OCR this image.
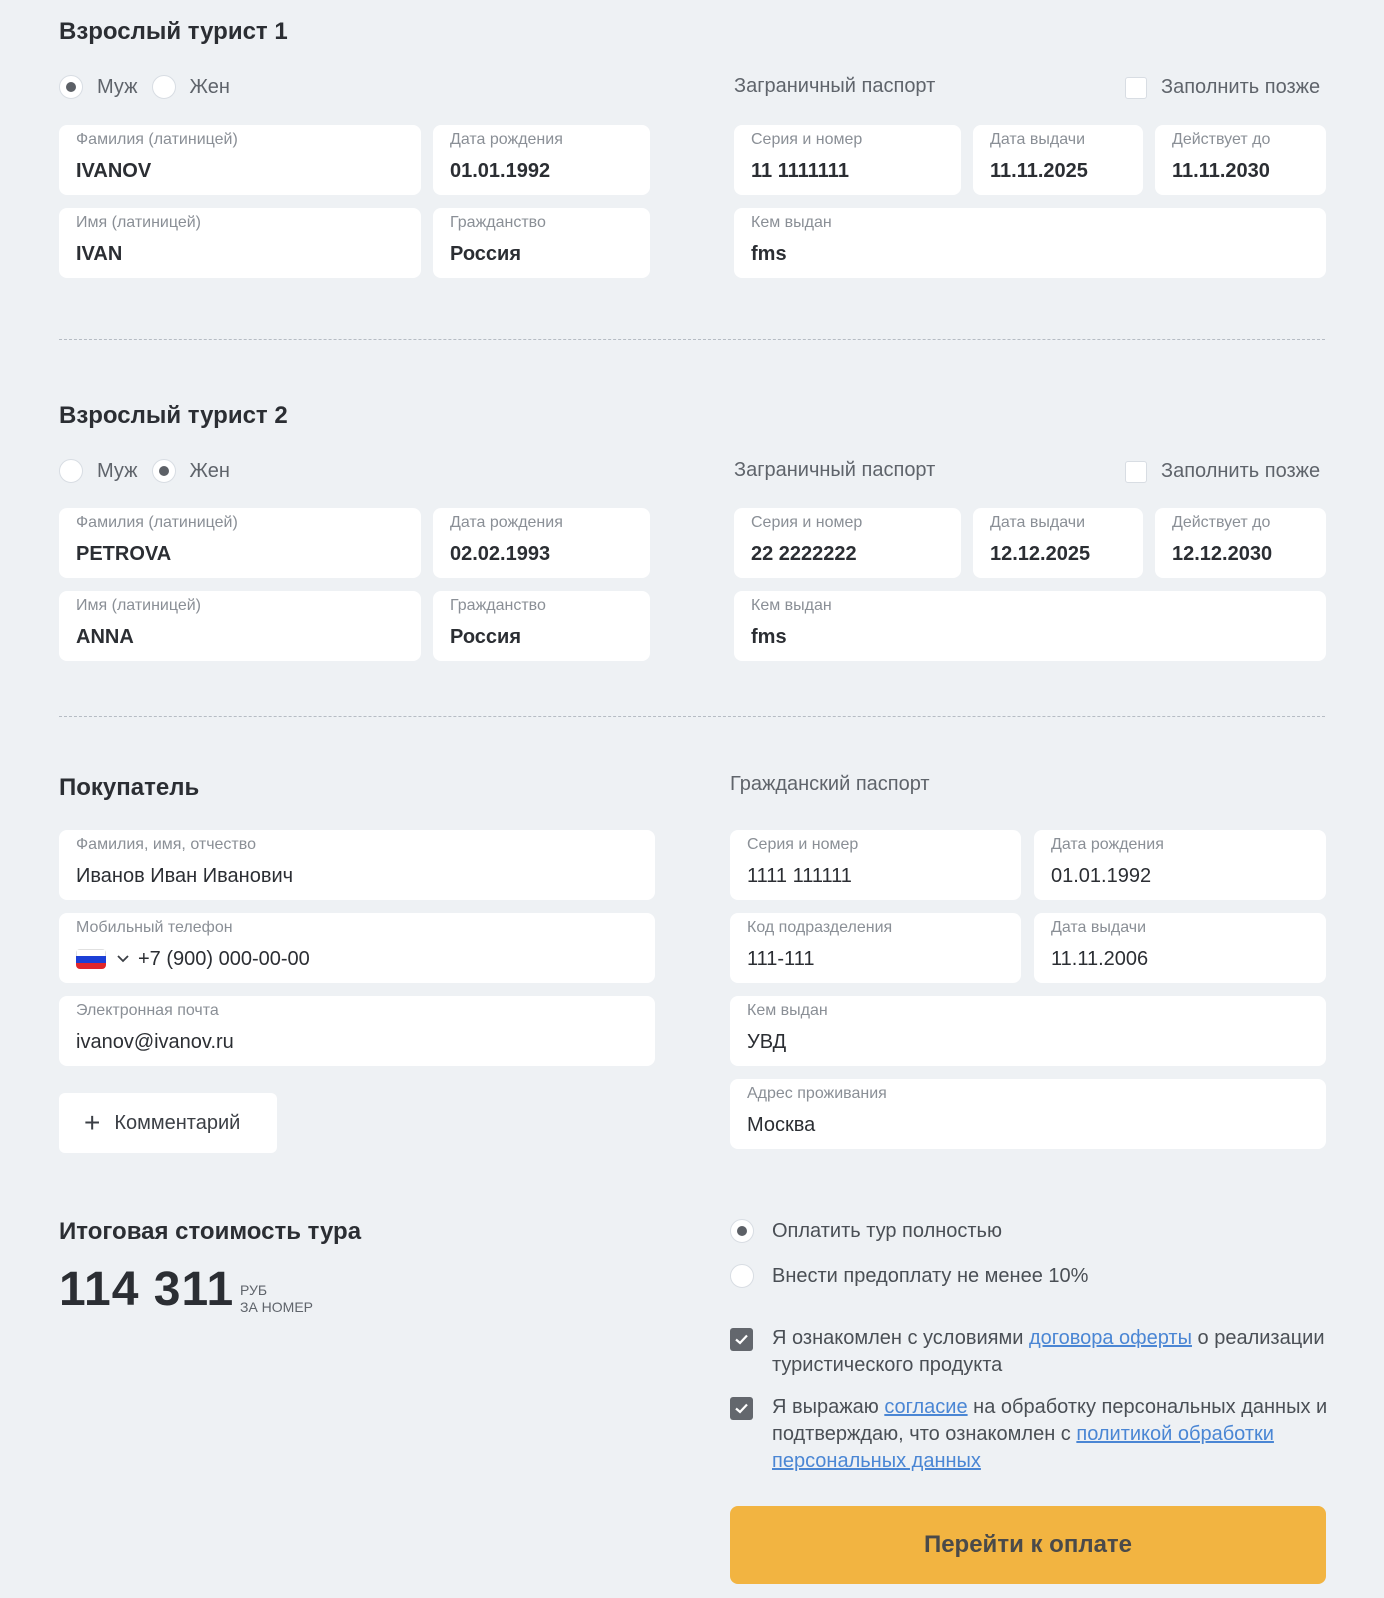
Взрослый турист 1
Муж	Жен	Заграничный паспорт	Заполнить позже
Фамилия (латиницей)
IVANOV
Дата рождения
01.01.1992
Имя (латиницей)
IVAN
Гражданство
Россия
Серия и номер
11 1111111
Дата выдачи
11.11.2025
Действует до
11.11.2030
Кем выдан
fms
Взрослый турист 2
Муж	Жен	Заграничный паспорт	Заполнить позже
Фамилия (латиницей)
PETROVA
Дата рождения
02.02.1993
Имя (латиницей)
ANNA
Гражданство
Россия
Серия и номер
22 2222222
Дата выдачи
12.12.2025
Действует до
12.12.2030
Кем выдан
fms
Покупатель
Фамилия, имя, отчество
Иванов Иван Иванович
Мобильный телефон
+7 (900) 000-00-00
Электронная почта
ivanov@ivanov.ru
+ Комментарий
Гражданский паспорт
Серия и номер
1111 111111
Дата рождения
01.01.1992
Код подразделения
111-111
Дата выдачи
11.11.2006
Кем выдан
УВД
Адрес проживания
Москва
Итоговая стоимость тура
114 311 РУБ
ЗА НОМЕР
Оплатить тур полностью
Внести предоплату не менее 10%
Я ознакомлен с условиями договора оферты о реализации туристического продукта
Я выражаю согласие на обработку персональных данных и подтверждаю, что ознакомлен с политикой обработки персональных данных
Перейти к оплате
